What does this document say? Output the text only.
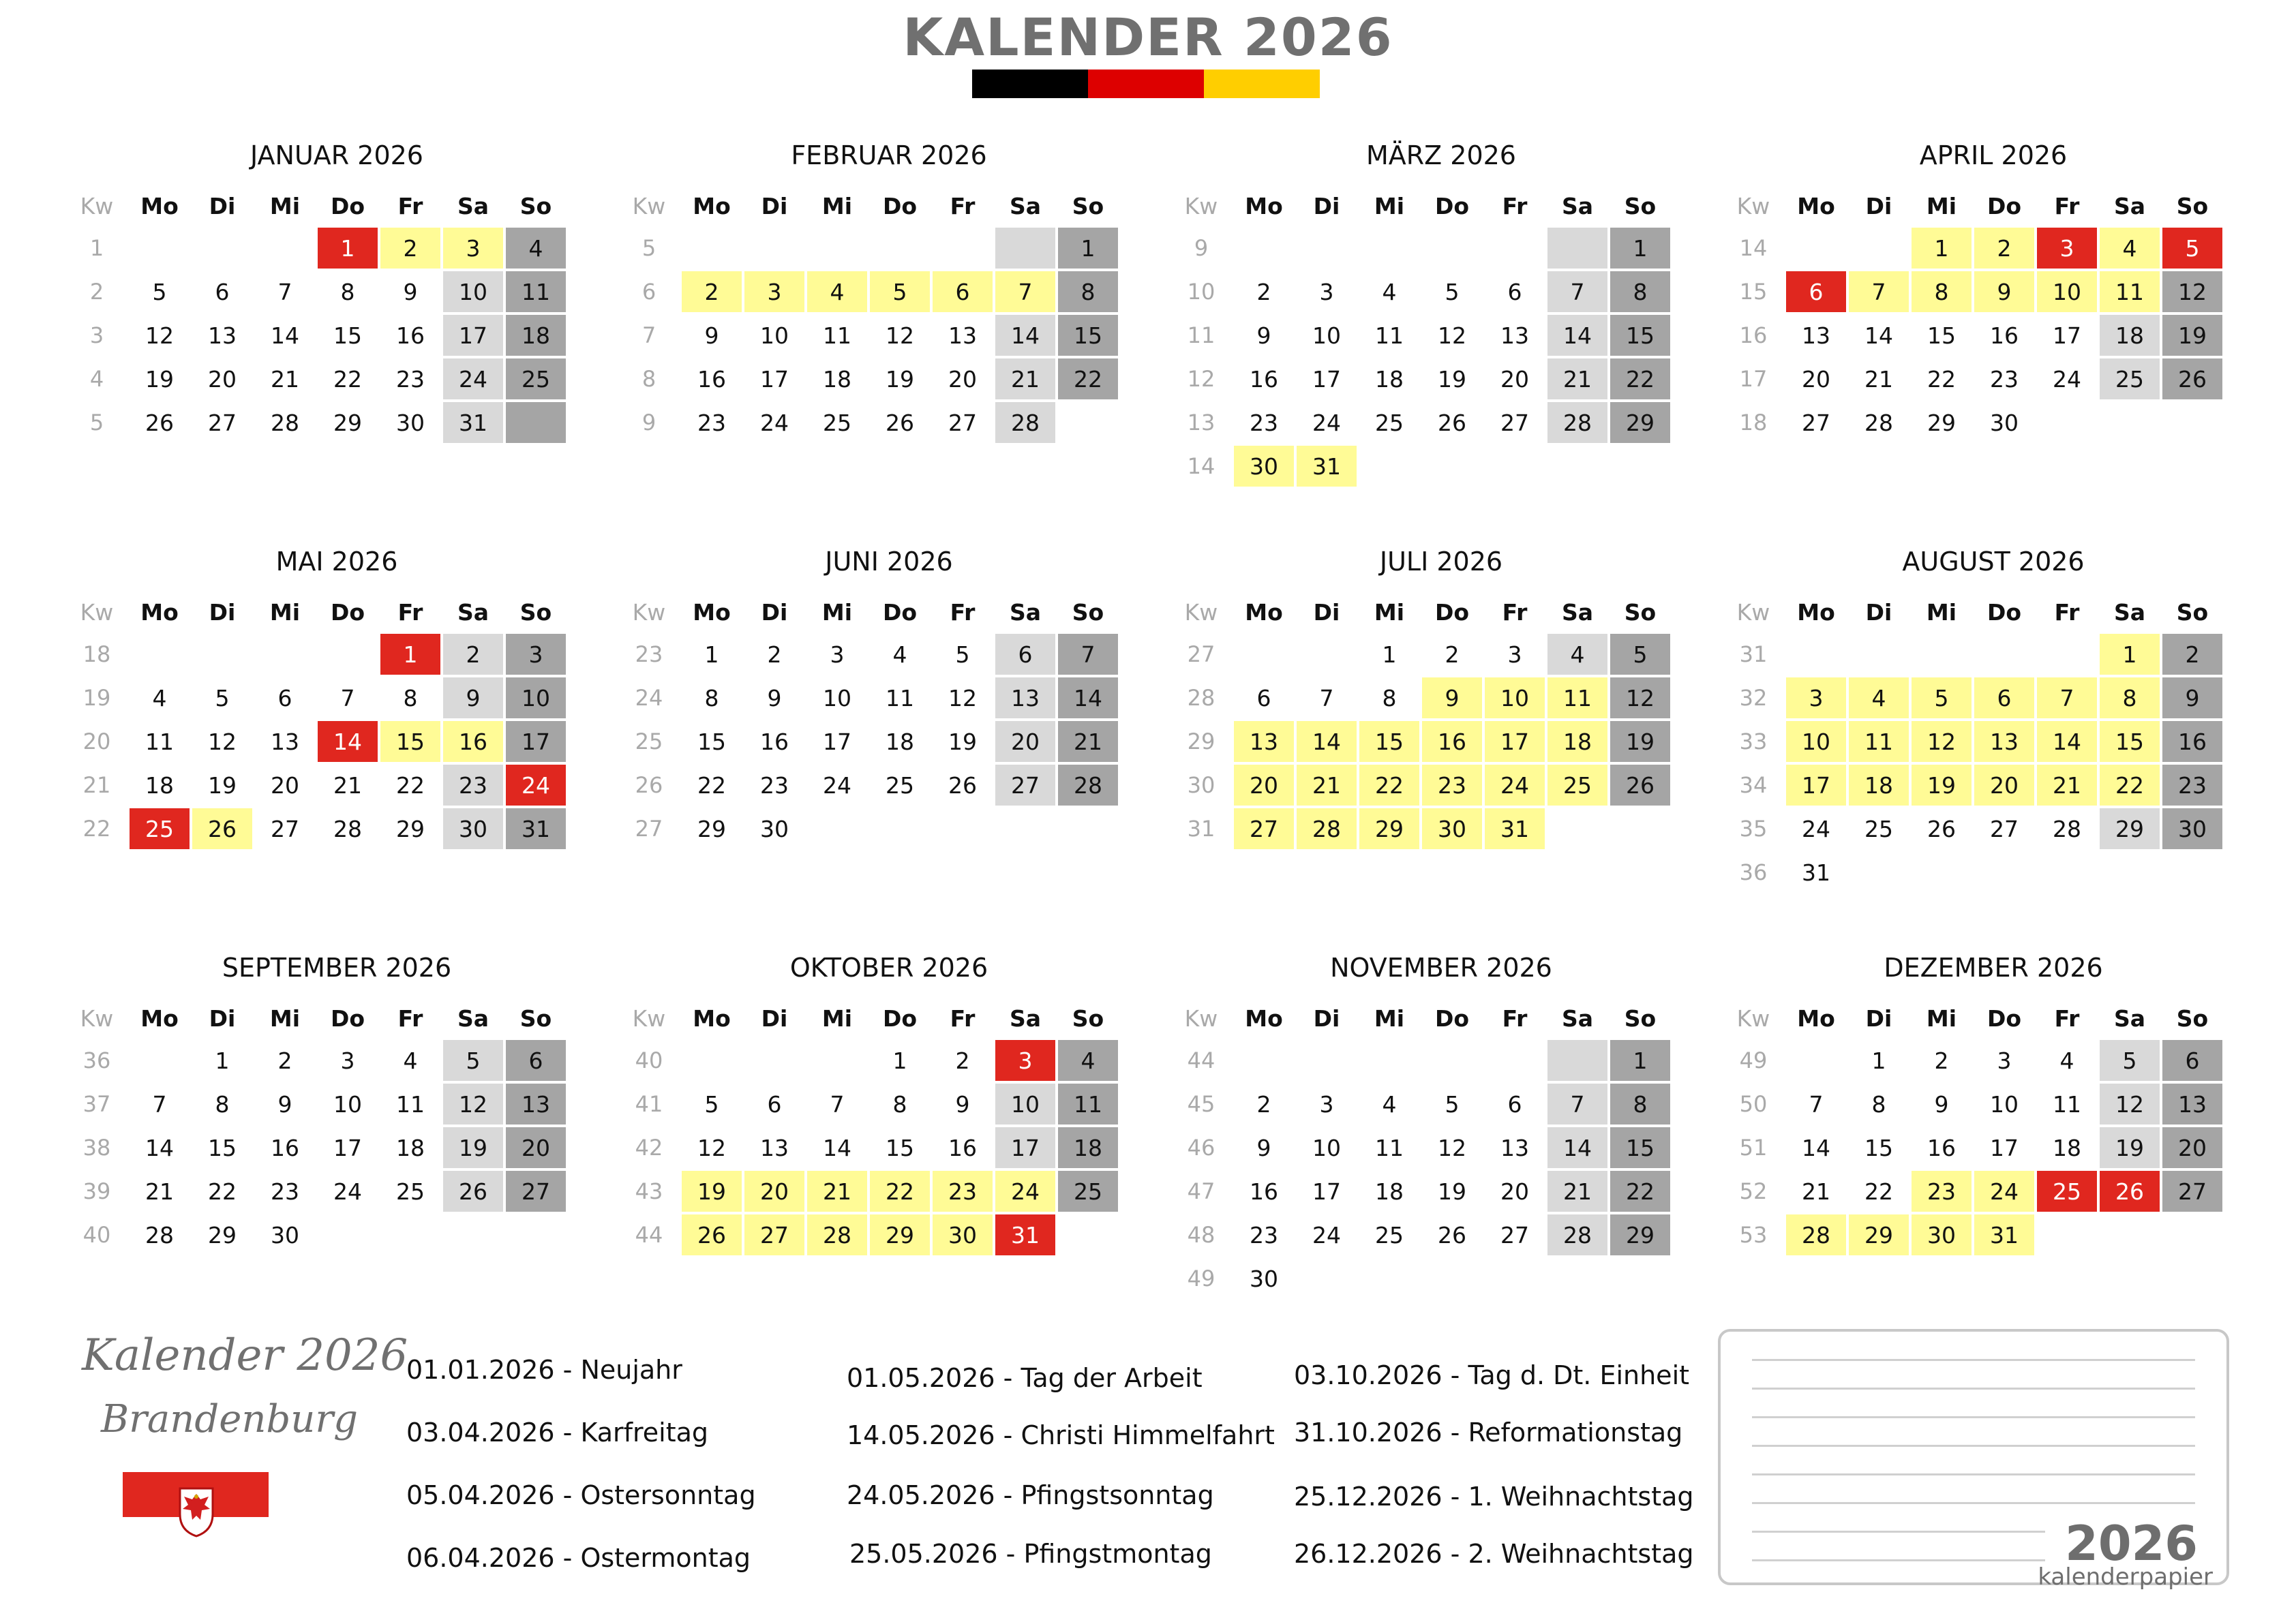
KALENDER 2026
JANUAR 2026
Kw	Mo	Di	Mi	Do	Fr	Sa	So
1				1	2	3	4
2	5	6	7	8	9	10	11
3	12	13	14	15	16	17	18
4	19	20	21	22	23	24	25
5	26	27	28	29	30	31	
FEBRUAR 2026
Kw	Mo	Di	Mi	Do	Fr	Sa	So
5							1
6	2	3	4	5	6	7	8
7	9	10	11	12	13	14	15
8	16	17	18	19	20	21	22
9	23	24	25	26	27	28	
MÄRZ 2026
Kw	Mo	Di	Mi	Do	Fr	Sa	So
9							1
10	2	3	4	5	6	7	8
11	9	10	11	12	13	14	15
12	16	17	18	19	20	21	22
13	23	24	25	26	27	28	29
14	30	31					
APRIL 2026
Kw	Mo	Di	Mi	Do	Fr	Sa	So
14			1	2	3	4	5
15	6	7	8	9	10	11	12
16	13	14	15	16	17	18	19
17	20	21	22	23	24	25	26
18	27	28	29	30			
MAI 2026
Kw	Mo	Di	Mi	Do	Fr	Sa	So
18					1	2	3
19	4	5	6	7	8	9	10
20	11	12	13	14	15	16	17
21	18	19	20	21	22	23	24
22	25	26	27	28	29	30	31
JUNI 2026
Kw	Mo	Di	Mi	Do	Fr	Sa	So
23	1	2	3	4	5	6	7
24	8	9	10	11	12	13	14
25	15	16	17	18	19	20	21
26	22	23	24	25	26	27	28
27	29	30					
JULI 2026
Kw	Mo	Di	Mi	Do	Fr	Sa	So
27			1	2	3	4	5
28	6	7	8	9	10	11	12
29	13	14	15	16	17	18	19
30	20	21	22	23	24	25	26
31	27	28	29	30	31		
AUGUST 2026
Kw	Mo	Di	Mi	Do	Fr	Sa	So
31						1	2
32	3	4	5	6	7	8	9
33	10	11	12	13	14	15	16
34	17	18	19	20	21	22	23
35	24	25	26	27	28	29	30
36	31						
SEPTEMBER 2026
Kw	Mo	Di	Mi	Do	Fr	Sa	So
36		1	2	3	4	5	6
37	7	8	9	10	11	12	13
38	14	15	16	17	18	19	20
39	21	22	23	24	25	26	27
40	28	29	30				
OKTOBER 2026
Kw	Mo	Di	Mi	Do	Fr	Sa	So
40				1	2	3	4
41	5	6	7	8	9	10	11
42	12	13	14	15	16	17	18
43	19	20	21	22	23	24	25
44	26	27	28	29	30	31	
NOVEMBER 2026
Kw	Mo	Di	Mi	Do	Fr	Sa	So
44							1
45	2	3	4	5	6	7	8
46	9	10	11	12	13	14	15
47	16	17	18	19	20	21	22
48	23	24	25	26	27	28	29
49	30						
DEZEMBER 2026
Kw	Mo	Di	Mi	Do	Fr	Sa	So
49		1	2	3	4	5	6
50	7	8	9	10	11	12	13
51	14	15	16	17	18	19	20
52	21	22	23	24	25	26	27
53	28	29	30	31			
Kalender 2026
Brandenburg
01.01.2026 - Neujahr
03.04.2026 - Karfreitag
05.04.2026 - Ostersonntag
06.04.2026 - Ostermontag
01.05.2026 - Tag der Arbeit
14.05.2026 - Christi Himmelfahrt
24.05.2026 - Pfingstsonntag
25.05.2026 - Pfingstmontag
03.10.2026 - Tag d. Dt. Einheit
31.10.2026 - Reformationstag
25.12.2026 - 1. Weihnachtstag
26.12.2026 - 2. Weihnachtstag	2026
kalenderpapier
